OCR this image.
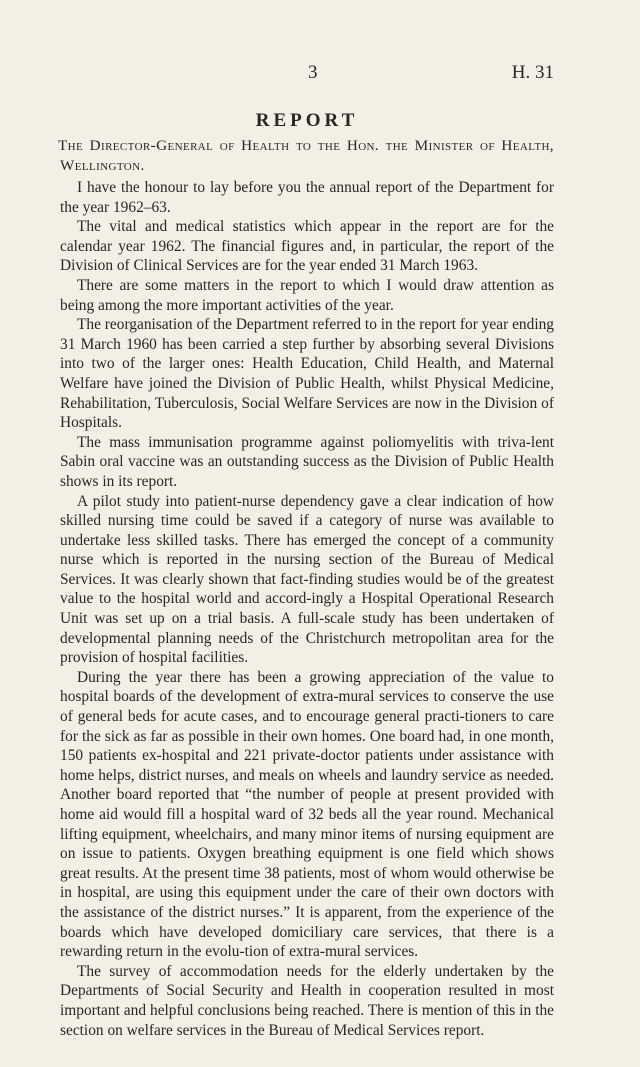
3	H. 31
REPORT

The Director-General of Health to the Hon. the Minister of Health, Wellington.

I have the honour to lay before you the annual report of the Department for the year 1962–63.

The vital and medical statistics which appear in the report are for the calendar year 1962. The financial figures and, in particular, the report of the Division of Clinical Services are for the year ended 31 March 1963.

There are some matters in the report to which I would draw attention as being among the more important activities of the year.

The reorganisation of the Department referred to in the report for year ending 31 March 1960 has been carried a step further by absorbing several Divisions into two of the larger ones: Health Education, Child Health, and Maternal Welfare have joined the Division of Public Health, whilst Physical Medicine, Rehabilitation, Tuberculosis, Social Welfare Services are now in the Division of Hospitals.

The mass immunisation programme against poliomyelitis with triva-lent Sabin oral vaccine was an outstanding success as the Division of Public Health shows in its report.

A pilot study into patient-nurse dependency gave a clear indication of how skilled nursing time could be saved if a category of nurse was available to undertake less skilled tasks. There has emerged the concept of a community nurse which is reported in the nursing section of the Bureau of Medical Services. It was clearly shown that fact-finding studies would be of the greatest value to the hospital world and accord-ingly a Hospital Operational Research Unit was set up on a trial basis. A full-scale study has been undertaken of developmental planning needs of the Christchurch metropolitan area for the provision of hospital facilities.

During the year there has been a growing appreciation of the value to hospital boards of the development of extra-mural services to conserve the use of general beds for acute cases, and to encourage general practi-tioners to care for the sick as far as possible in their own homes. One board had, in one month, 150 patients ex-hospital and 221 private-doctor patients under assistance with home helps, district nurses, and meals on wheels and laundry service as needed. Another board reported that “the number of people at present provided with home aid would fill a hospital ward of 32 beds all the year round. Mechanical lifting equipment, wheelchairs, and many minor items of nursing equipment are on issue to patients. Oxygen breathing equipment is one field which shows great results. At the present time 38 patients, most of whom would otherwise be in hospital, are using this equipment under the care of their own doctors with the assistance of the district nurses.” It is apparent, from the experience of the boards which have developed domiciliary care services, that there is a rewarding return in the evolu-tion of extra-mural services.

The survey of accommodation needs for the elderly undertaken by the Departments of Social Security and Health in cooperation resulted in most important and helpful conclusions being reached. There is mention of this in the section on welfare services in the Bureau of Medical Services report.
